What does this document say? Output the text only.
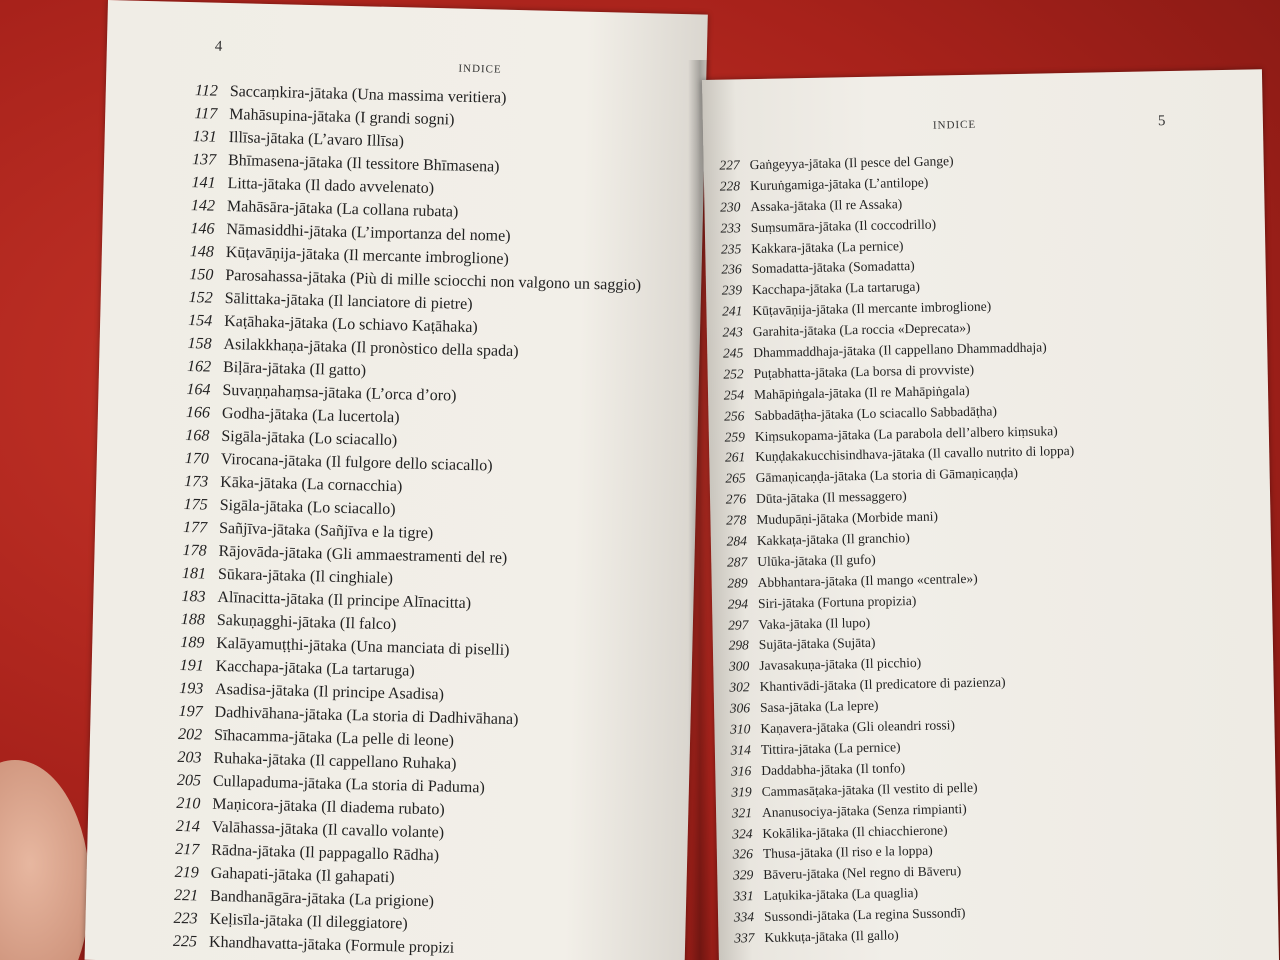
4
INDICE
112 Saccaṃkira-jātaka (Una massima veritiera)
117 Mahāsupina-jātaka (I grandi sogni)
131 Illīsa-jātaka (L’avaro Illīsa)
137 Bhīmasena-jātaka (Il tessitore Bhīmasena)
141 Litta-jātaka (Il dado avvelenato)
142 Mahāsāra-jātaka (La collana rubata)
146 Nāmasiddhi-jātaka (L’importanza del nome)
148 Kūṭavāṇija-jātaka (Il mercante imbroglione)
150 Parosahassa-jātaka (Più di mille sciocchi non valgono un saggio)
152 Sālittaka-jātaka (Il lanciatore di pietre)
154 Kaṭāhaka-jātaka (Lo schiavo Kaṭāhaka)
158 Asilakkhaṇa-jātaka (Il pronòstico della spada)
162 Biḷāra-jātaka (Il gatto)
164 Suvaṇṇahaṃsa-jātaka (L’orca d’oro)
166 Godha-jātaka (La lucertola)
168 Sigāla-jātaka (Lo sciacallo)
170 Virocana-jātaka (Il fulgore dello sciacallo)
173 Kāka-jātaka (La cornacchia)
175 Sigāla-jātaka (Lo sciacallo)
177 Sañjīva-jātaka (Sañjīva e la tigre)
178 Rājovāda-jātaka (Gli ammaestramenti del re)
181 Sūkara-jātaka (Il cinghiale)
183 Alīnacitta-jātaka (Il principe Alīnacitta)
188 Sakuṇagghi-jātaka (Il falco)
189 Kalāyamuṭṭhi-jātaka (Una manciata di piselli)
191 Kacchapa-jātaka (La tartaruga)
193 Asadisa-jātaka (Il principe Asadisa)
197 Dadhivāhana-jātaka (La storia di Dadhivāhana)
202 Sīhacamma-jātaka (La pelle di leone)
203 Ruhaka-jātaka (Il cappellano Ruhaka)
205 Cullapaduma-jātaka (La storia di Paduma)
210 Maṇicora-jātaka (Il diadema rubato)
214 Valāhassa-jātaka (Il cavallo volante)
217 Rādna-jātaka (Il pappagallo Rādha)
219 Gahapati-jātaka (Il gahapati)
221 Bandhanāgāra-jātaka (La prigione)
223 Keḷisīla-jātaka (Il dileggiatore)
225 Khandhavatta-jātaka (Formule propizi
INDICE	5
227 Gaṅgeyya-jātaka (Il pesce del Gange)
228 Kuruṅgamiga-jātaka (L’antilope)
230 Assaka-jātaka (Il re Assaka)
233 Suṃsumāra-jātaka (Il coccodrillo)
235 Kakkara-jātaka (La pernice)
236 Somadatta-jātaka (Somadatta)
239 Kacchapa-jātaka (La tartaruga)
241 Kūṭavāṇija-jātaka (Il mercante imbroglione)
243 Garahita-jātaka (La roccia «Deprecata»)
245 Dhammaddhaja-jātaka (Il cappellano Dhammaddhaja)
252 Puṭabhatta-jātaka (La borsa di provviste)
254 Mahāpiṅgala-jātaka (Il re Mahāpiṅgala)
256 Sabbadāṭha-jātaka (Lo sciacallo Sabbadāṭha)
259 Kiṃsukopama-jātaka (La parabola dell’albero kiṃsuka)
261 Kuṇḍakakucchisindhava-jātaka (Il cavallo nutrito di loppa)
265 Gāmaṇicaṇḍa-jātaka (La storia di Gāmaṇicaṇḍa)
276 Dūta-jātaka (Il messaggero)
278 Mudupāṇi-jātaka (Morbide mani)
284 Kakkaṭa-jātaka (Il granchio)
287 Ulūka-jātaka (Il gufo)
289 Abbhantara-jātaka (Il mango «centrale»)
294 Siri-jātaka (Fortuna propizia)
297 Vaka-jātaka (Il lupo)
298 Sujāta-jātaka (Sujāta)
300 Javasakuṇa-jātaka (Il picchio)
302 Khantivādi-jātaka (Il predicatore di pazienza)
306 Sasa-jātaka (La lepre)
310 Kaṇavera-jātaka (Gli oleandri rossi)
314 Tittira-jātaka (La pernice)
316 Daddabha-jātaka (Il tonfo)
319 Cammasāṭaka-jātaka (Il vestito di pelle)
321 Ananusociya-jātaka (Senza rimpianti)
324 Kokālika-jātaka (Il chiacchierone)
326 Thusa-jātaka (Il riso e la loppa)
329 Bāveru-jātaka (Nel regno di Bāveru)
331 Laṭukika-jātaka (La quaglia)
334 Sussondi-jātaka (La regina Sussondī)
337 Kukkuṭa-jātaka (Il gallo)
